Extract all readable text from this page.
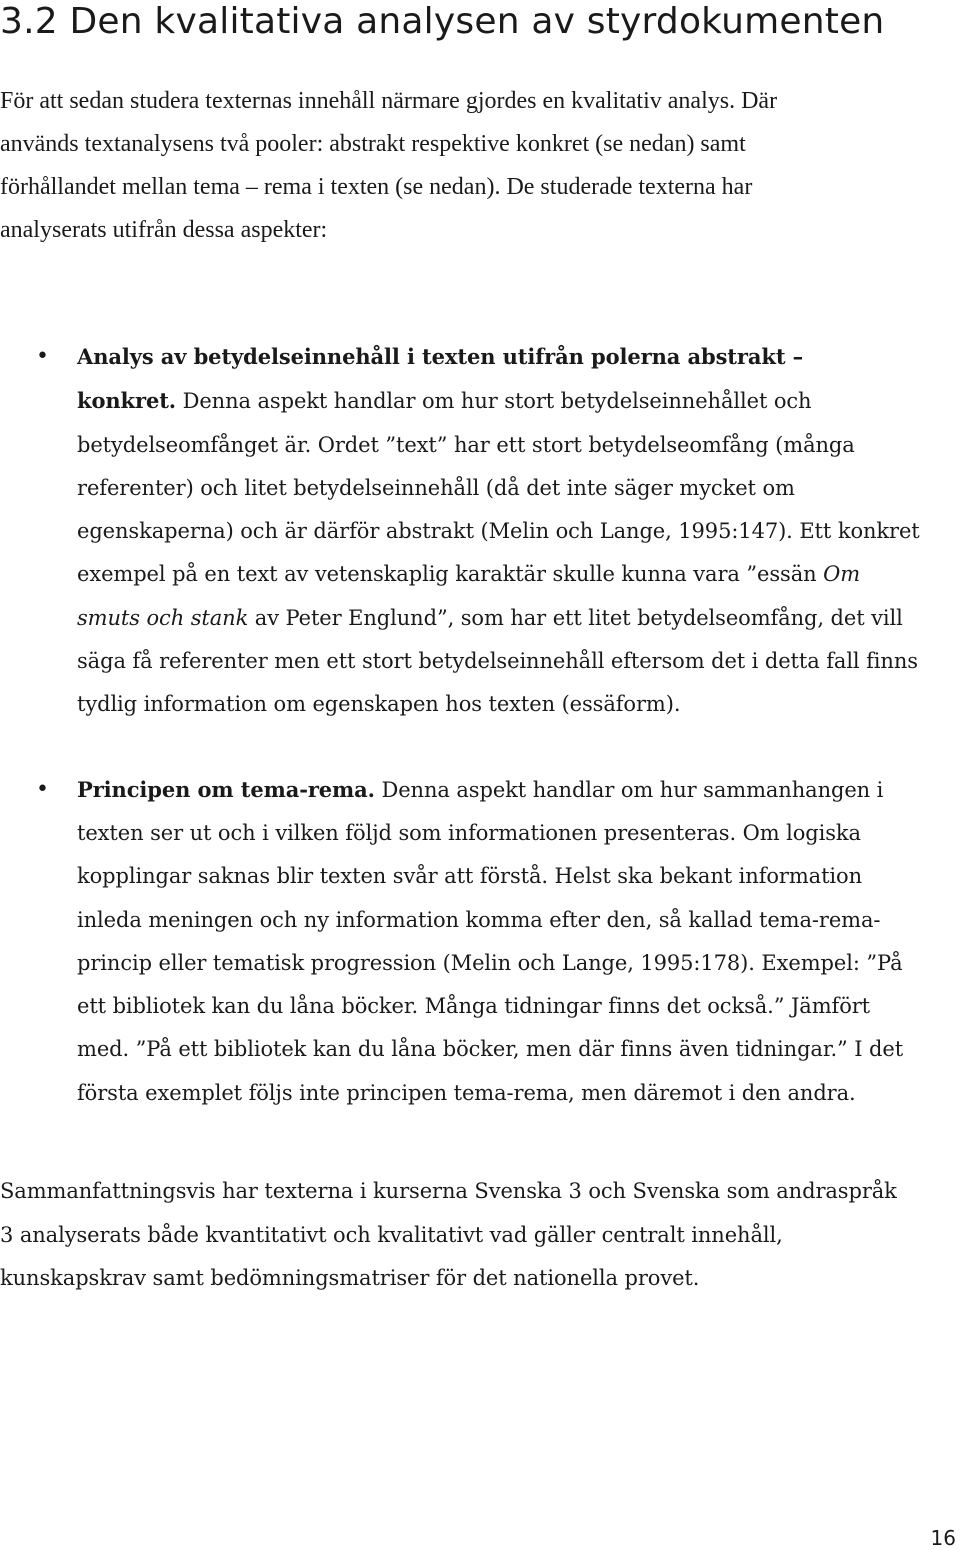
3.2 Den kvalitativa analysen av styrdokumenten

För att sedan studera texternas innehåll närmare gjordes en kvalitativ analys. Där
används textanalysens två pooler: abstrakt respektive konkret (se nedan) samt
förhållandet mellan tema – rema i texten (se nedan). De studerade texterna har
analyserats utifrån dessa aspekter:

• Analys av betydelseinnehåll i texten utifrån polerna abstrakt –
konkret. Denna aspekt handlar om hur stort betydelseinnehållet och
betydelseomfånget är. Ordet ”text” har ett stort betydelseomfång (många
referenter) och litet betydelseinnehåll (då det inte säger mycket om
egenskaperna) och är därför abstrakt (Melin och Lange, 1995:147). Ett konkret
exempel på en text av vetenskaplig karaktär skulle kunna vara ”essän Om
smuts och stank av Peter Englund”, som har ett litet betydelseomfång, det vill
säga få referenter men ett stort betydelseinnehåll eftersom det i detta fall finns
tydlig information om egenskapen hos texten (essäform).
• Principen om tema-rema. Denna aspekt handlar om hur sammanhangen i
texten ser ut och i vilken följd som informationen presenteras. Om logiska
kopplingar saknas blir texten svår att förstå. Helst ska bekant information
inleda meningen och ny information komma efter den, så kallad tema-rema-
princip eller tematisk progression (Melin och Lange, 1995:178). Exempel: ”På
ett bibliotek kan du låna böcker. Många tidningar finns det också.” Jämfört
med. ”På ett bibliotek kan du låna böcker, men där finns även tidningar.” I det
första exemplet följs inte principen tema-rema, men däremot i den andra.

Sammanfattningsvis har texterna i kurserna Svenska 3 och Svenska som andraspråk
3 analyserats både kvantitativt och kvalitativt vad gäller centralt innehåll,
kunskapskrav samt bedömningsmatriser för det nationella provet.

16
